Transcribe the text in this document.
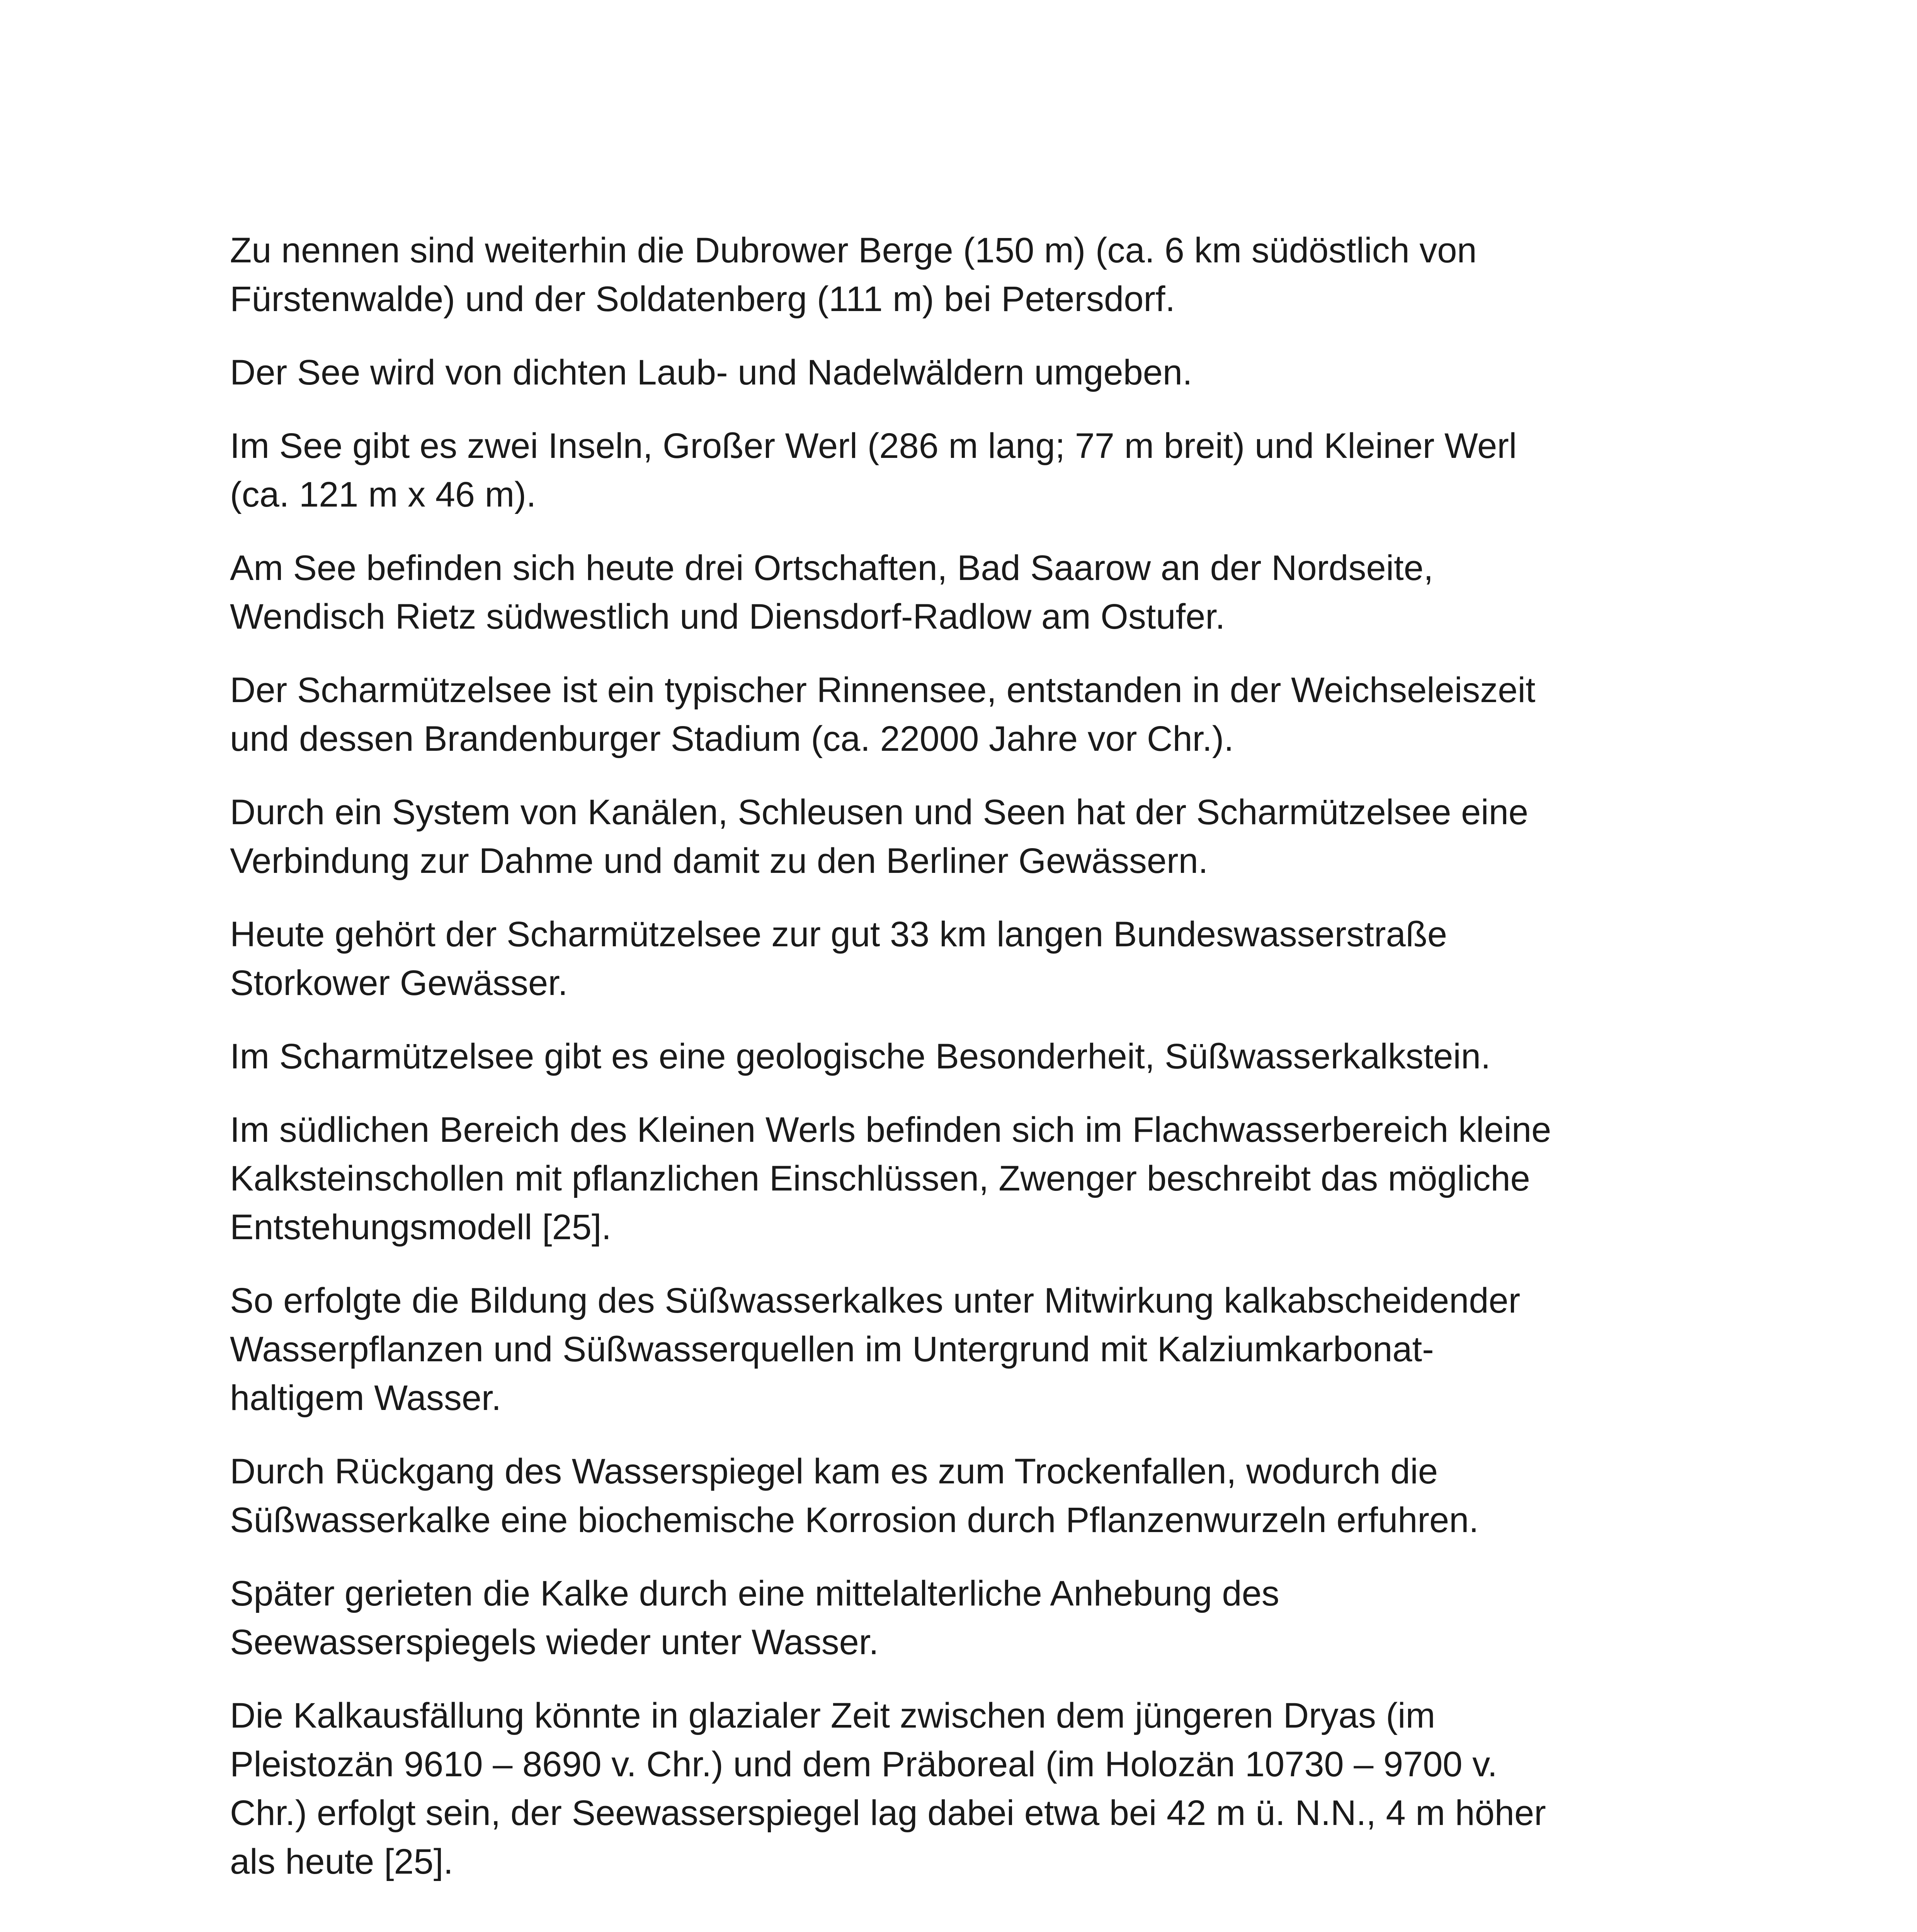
Zu nennen sind weiterhin die Dubrower Berge (150 m) (ca. 6 km südöstlich von
Fürstenwalde) und der Soldatenberg (111 m) bei Petersdorf.

Der See wird von dichten Laub- und Nadelwäldern umgeben.

Im See gibt es zwei Inseln, Großer Werl (286 m lang; 77 m breit) und Kleiner Werl
(ca. 121 m x 46 m).

Am See befinden sich heute drei Ortschaften, Bad Saarow an der Nordseite,
Wendisch Rietz südwestlich und Diensdorf-Radlow am Ostufer.

Der Scharmützelsee ist ein typischer Rinnensee, entstanden in der Weichseleiszeit
und dessen Brandenburger Stadium (ca. 22000 Jahre vor Chr.).

Durch ein System von Kanälen, Schleusen und Seen hat der Scharmützelsee eine
Verbindung zur Dahme und damit zu den Berliner Gewässern.

Heute gehört der Scharmützelsee zur gut 33 km langen Bundeswasserstraße
Storkower Gewässer.

Im Scharmützelsee gibt es eine geologische Besonderheit, Süßwasserkalkstein.

Im südlichen Bereich des Kleinen Werls befinden sich im Flachwasserbereich kleine
Kalksteinschollen mit pflanzlichen Einschlüssen, Zwenger beschreibt das mögliche
Entstehungsmodell [25].

So erfolgte die Bildung des Süßwasserkalkes unter Mitwirkung kalkabscheidender
Wasserpflanzen und Süßwasserquellen im Untergrund mit Kalziumkarbonat-
haltigem Wasser.

Durch Rückgang des Wasserspiegel kam es zum Trockenfallen, wodurch die
Süßwasserkalke eine biochemische Korrosion durch Pflanzenwurzeln erfuhren.

Später gerieten die Kalke durch eine mittelalterliche Anhebung des
Seewasserspiegels wieder unter Wasser.

Die Kalkausfällung könnte in glazialer Zeit zwischen dem jüngeren Dryas (im
Pleistozän 9610 – 8690 v. Chr.) und dem Präboreal (im Holozän 10730 – 9700 v.
Chr.) erfolgt sein, der Seewasserspiegel lag dabei etwa bei 42 m ü. N.N., 4 m höher
als heute [25].
